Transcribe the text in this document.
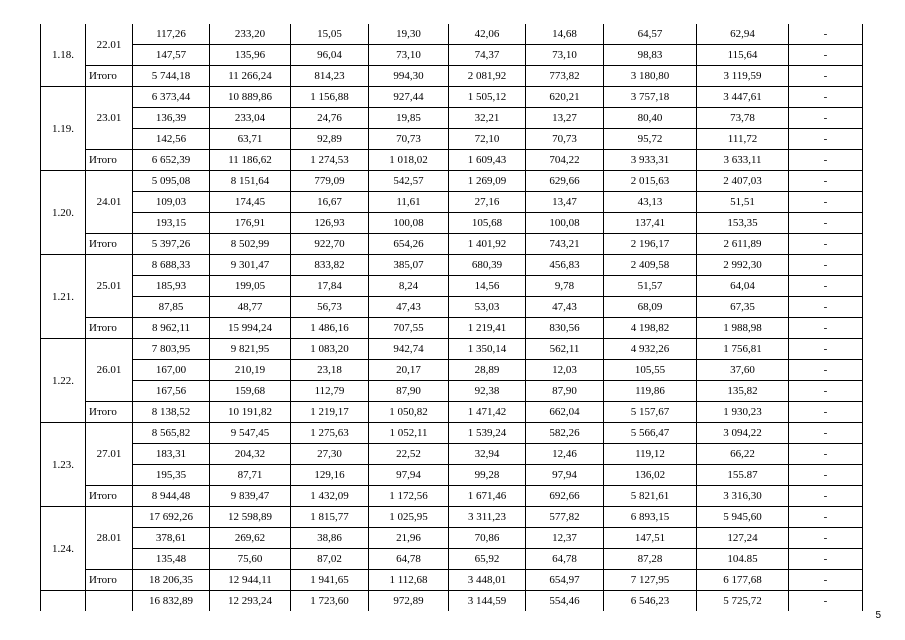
1.18.	22.01	117,26	233,20	15,05	19,30	42,06	14,68	64,57	62,94	-
		147,57	135,96	96,04	73,10	74,37	73,10	98,83	115,64	-
	Итого	5 744,18	11 266,24	814,23	994,30	2 081,92	773,82	3 180,80	3 119,59	-
1.19.	23.01	6 373,44	10 889,86	1 156,88	927,44	1 505,12	620,21	3 757,18	3 447,61	-
		136,39	233,04	24,76	19,85	32,21	13,27	80,40	73,78	-
		142,56	63,71	92,89	70,73	72,10	70,73	95,72	111,72	-
	Итого	6 652,39	11 186,62	1 274,53	1 018,02	1 609,43	704,22	3 933,31	3 633,11	-
1.20.	24.01	5 095,08	8 151,64	779,09	542,57	1 269,09	629,66	2 015,63	2 407,03	-
		109,03	174,45	16,67	11,61	27,16	13,47	43,13	51,51	-
		193,15	176,91	126,93	100,08	105,68	100,08	137,41	153,35	-
	Итого	5 397,26	8 502,99	922,70	654,26	1 401,92	743,21	2 196,17	2 611,89	-
1.21.	25.01	8 688,33	9 301,47	833,82	385,07	680,39	456,83	2 409,58	2 992,30	-
		185,93	199,05	17,84	8,24	14,56	9,78	51,57	64,04	-
		87,85	48,77	56,73	47,43	53,03	47,43	68,09	67,35	-
	Итого	8 962,11	15 994,24	1 486,16	707,55	1 219,41	830,56	4 198,82	1 988,98	-
1.22.	26.01	7 803,95	9 821,95	1 083,20	942,74	1 350,14	562,11	4 932,26	1 756,81	-
		167,00	210,19	23,18	20,17	28,89	12,03	105,55	37,60	-
		167,56	159,68	112,79	87,90	92,38	87,90	119,86	135,82	-
	Итого	8 138,52	10 191,82	1 219,17	1 050,82	1 471,42	662,04	5 157,67	1 930,23	-
1.23.	27.01	8 565,82	9 547,45	1 275,63	1 052,11	1 539,24	582,26	5 566,47	3 094,22	-
		183,31	204,32	27,30	22,52	32,94	12,46	119,12	66,22	-
		195,35	87,71	129,16	97,94	99,28	97,94	136,02	155.87	-
	Итого	8 944,48	9 839,47	1 432,09	1 172,56	1 671,46	692,66	5 821,61	3 316,30	-
1.24.	28.01	17 692,26	12 598,89	1 815,77	1 025,95	3 311,23	577,82	6 893,15	5 945,60	-
		378,61	269,62	38,86	21,96	70,86	12,37	147,51	127,24	-
		135,48	75,60	87,02	64,78	65,92	64,78	87,28	104.85	-
	Итого	18 206,35	12 944,11	1 941,65	1 112,68	3 448,01	654,97	7 127,95	6 177,68	-
		16 832,89	12 293,24	1 723,60	972,89	3 144,59	554,46	6 546,23	5 725,72	-
5
